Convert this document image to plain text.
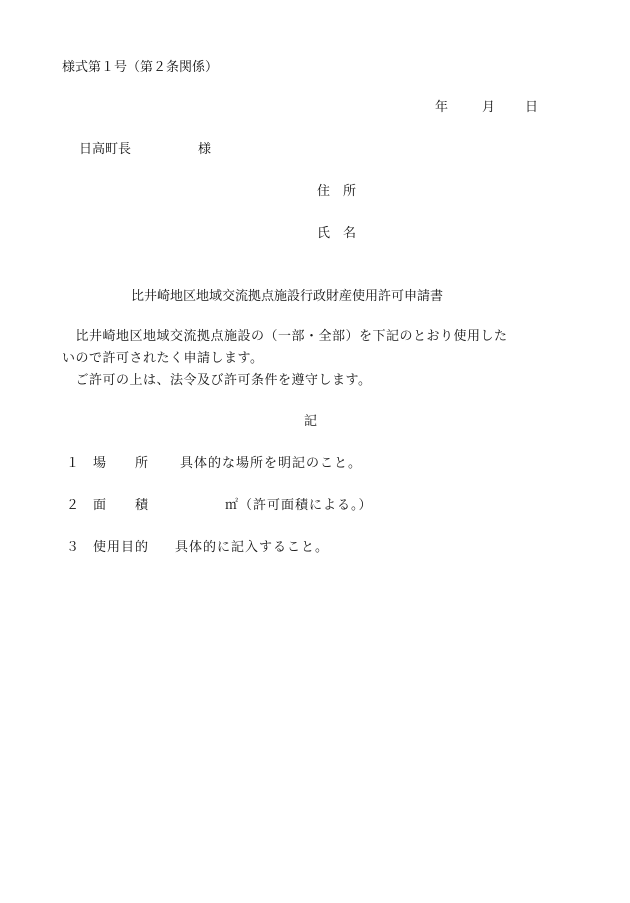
様式第１号（第２条関係）
年	月 日
日高町長	様
住　所
氏　名
比井崎地区地域交流拠点施設行政財産使用許可申請書
　比井崎地区地域交流拠点施設の（一部・全部）を下記のとおり使用した
いので許可されたく申請します。
　ご許可の上は、法令及び許可条件を遵守します。
記
１ 場　　所 具体的な場所を明記のこと。
２ 面　　積	㎡（許可面積による。）
３ 使用目的 具体的に記入すること。
